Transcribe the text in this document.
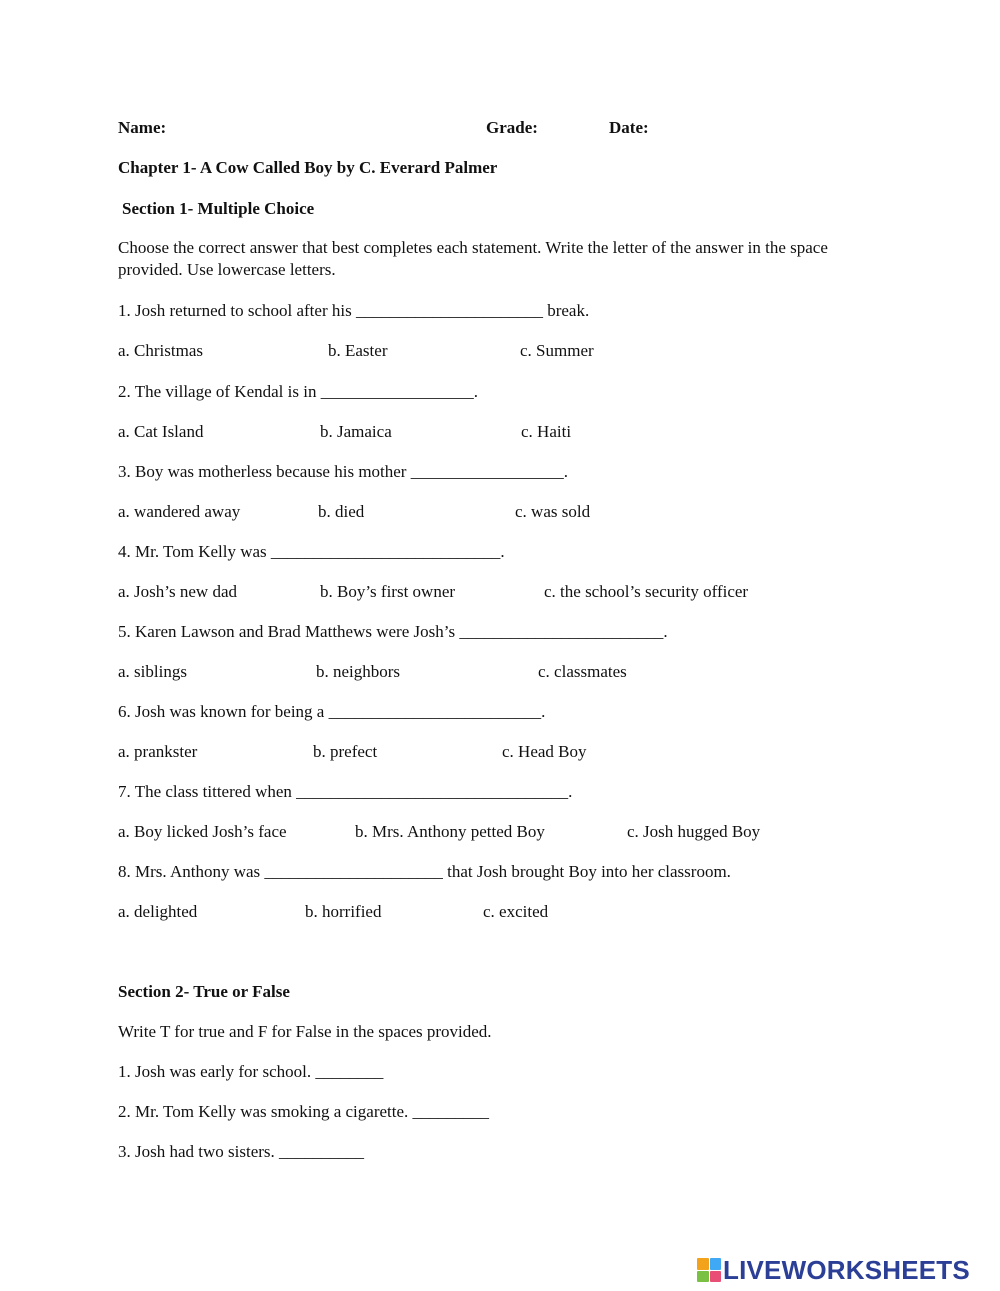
Name:	Grade:	Date:
Chapter 1- A Cow Called Boy by C. Everard Palmer
Section 1- Multiple Choice
Choose the correct answer that best completes each statement. Write the letter of the answer in the space provided. Use lowercase letters.
1. Josh returned to school after his ______________________ break.
a. Christmas	b. Easter	c. Summer
2. The village of Kendal is in __________________.
a. Cat Island	b. Jamaica	c. Haiti
3. Boy was motherless because his mother __________________.
a. wandered away	b. died	c. was sold
4. Mr. Tom Kelly was ___________________________.
a. Josh’s new dad	b. Boy’s first owner	c. the school’s security officer
5. Karen Lawson and Brad Matthews were Josh’s ________________________.
a. siblings	b. neighbors	c. classmates
6. Josh was known for being a _________________________.
a. prankster	b. prefect	c. Head Boy
7. The class tittered when ________________________________.
a. Boy licked Josh’s face	b. Mrs. Anthony petted Boy	c. Josh hugged Boy
8. Mrs. Anthony was _____________________ that Josh brought Boy into her classroom.
a. delighted	b. horrified	c. excited
Section 2- True or False
Write T for true and F for False in the spaces provided.
1. Josh was early for school. ________
2. Mr. Tom Kelly was smoking a cigarette. _________
3. Josh had two sisters. __________
LIVEWORKSHEETS
